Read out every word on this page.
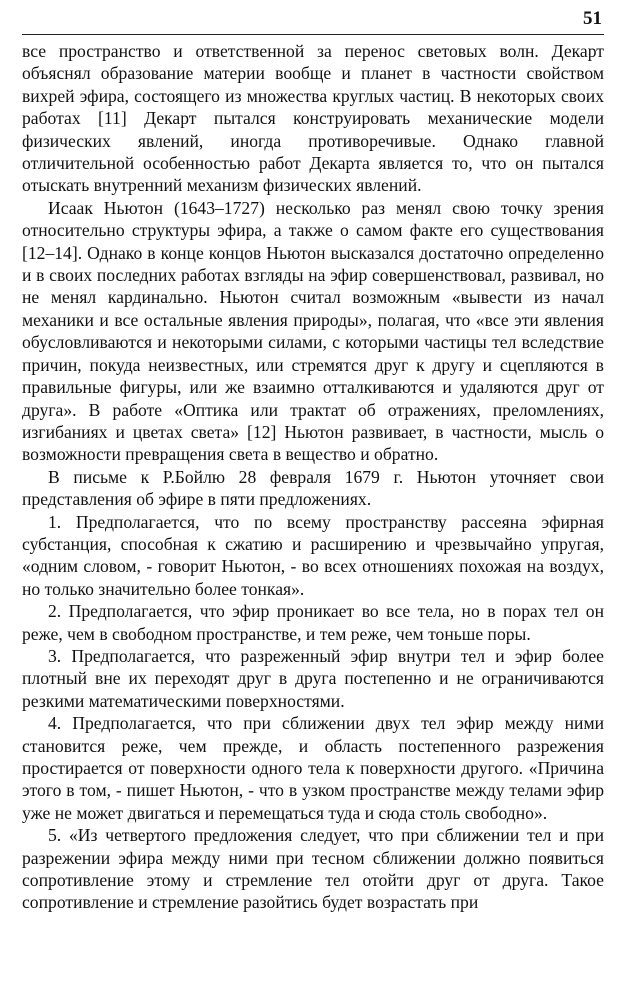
51

все пространство и ответственной за перенос световых волн. Декарт объяснял образование материи вообще и планет в частности свойством вихрей эфира, состоящего из множества круглых частиц. В некоторых своих работах [11] Декарт пытался конструировать механические модели физических явлений, иногда противоречивые. Однако главной отличительной особенностью работ Декарта является то, что он пытался отыскать внутренний механизм физических явлений.

Исаак Ньютон (1643–1727) несколько раз менял свою точку зрения относительно структуры эфира, а также о самом факте его существования [12–14]. Однако в конце концов Ньютон высказался достаточно определенно и в своих последних работах взгляды на эфир совершенствовал, развивал, но не менял кардинально. Ньютон считал возможным «вывести из начал механики и все остальные явления природы», полагая, что «все эти явления обусловливаются и некоторыми силами, с которыми частицы тел вследствие причин, покуда неизвестных, или стремятся друг к другу и сцепляются в правильные фигуры, или же взаимно отталкиваются и удаляются друг от друга». В работе «Оптика или трактат об отражениях, преломлениях, изгибаниях и цветах света» [12] Ньютон развивает, в частности, мысль о возможности превращения света в вещество и обратно.

В письме к Р.Бойлю 28 февраля 1679 г. Ньютон уточняет свои представления об эфире в пяти предложениях.

1. Предполагается, что по всему пространству рассеяна эфирная субстанция, способная к сжатию и расширению и чрезвычайно упругая, «одним словом, - говорит Ньютон, - во всех отношениях похожая на воздух, но только значительно более тонкая».

2. Предполагается, что эфир проникает во все тела, но в порах тел он реже, чем в свободном пространстве, и тем реже, чем тоньше поры.

3. Предполагается, что разреженный эфир внутри тел и эфир более плотный вне их переходят друг в друга постепенно и не ограничиваются резкими математическими поверхностями.

4. Предполагается, что при сближении двух тел эфир между ними становится реже, чем прежде, и область постепенного разрежения простирается от поверхности одного тела к поверхности другого. «Причина этого в том, - пишет Ньютон, - что в узком пространстве между телами эфир уже не может двигаться и перемещаться туда и сюда столь свободно».

5. «Из четвертого предложения следует, что при сближении тел и при разрежении эфира между ними при тесном сближении должно появиться сопротивление этому и стремление тел отойти друг от друга. Такое сопротивление и стремление разойтись будет возрастать при
